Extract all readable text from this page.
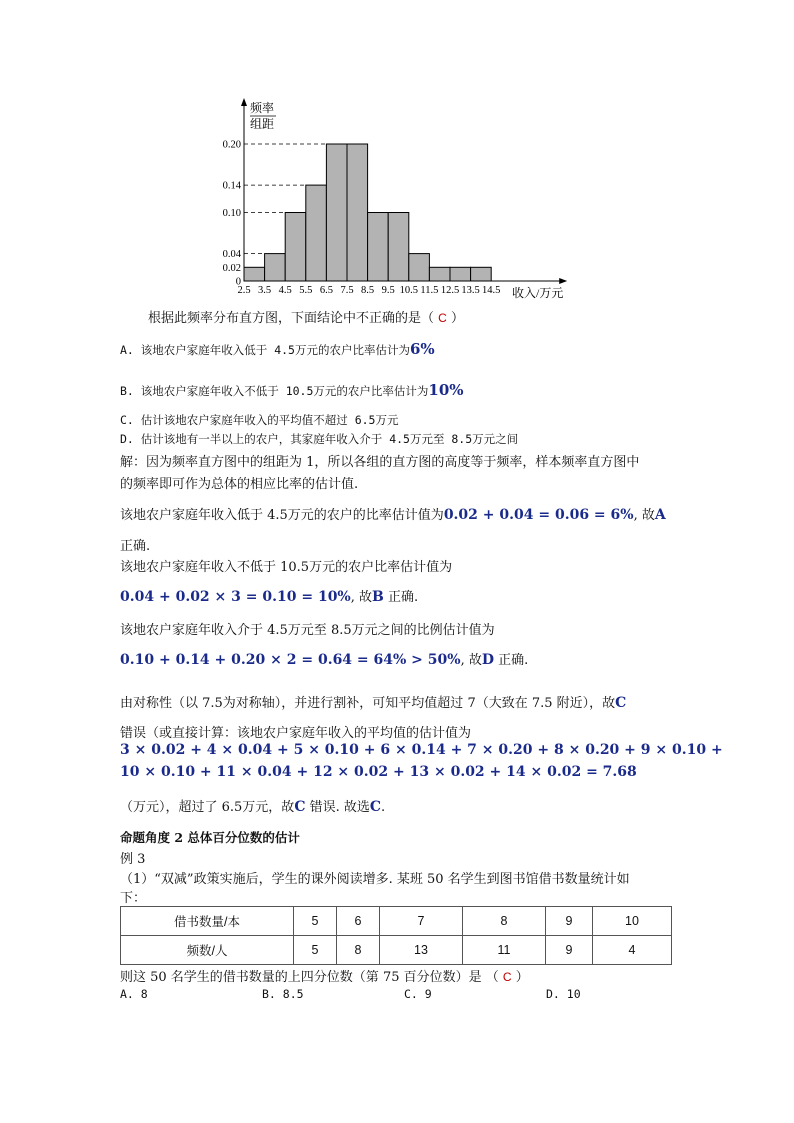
2.5 3.5 4.5 5.5 6.5 7.5 8.5 9.5 10.5 11.5 12.5 13.5 14.5
0
0.02
0.04
0.10
0.14
0.20
频率
组距
收入/万元
根据此频率分布直方图，下面结论中不正确的是（ C ）
A. 该地农户家庭年收入低于 4.5万元的农户比率估计为6%
B. 该地农户家庭年收入不低于 10.5万元的农户比率估计为10%
C. 估计该地农户家庭年收入的平均值不超过 6.5万元
D. 估计该地有一半以上的农户，其家庭年收入介于 4.5万元至 8.5万元之间
解：因为频率直方图中的组距为 1，所以各组的直方图的高度等于频率，样本频率直方图中
的频率即可作为总体的相应比率的估计值.
该地农户家庭年收入低于 4.5万元的农户的比率估计值为0.02 + 0.04 = 0.06 = 6%, 故A
正确.
该地农户家庭年收入不低于 10.5万元的农户比率估计值为
0.04 + 0.02 × 3 = 0.10 = 10%, 故B 正确.
该地农户家庭年收入介于 4.5万元至 8.5万元之间的比例估计值为
0.10 + 0.14 + 0.20 × 2 = 0.64 = 64% > 50%, 故D 正确.
由对称性（以 7.5为对称轴），并进行割补，可知平均值超过 7（大致在 7.5 附近），故C
错误（或直接计算：该地农户家庭年收入的平均值的估计值为
3 × 0.02 + 4 × 0.04 + 5 × 0.10 + 6 × 0.14 + 7 × 0.20 + 8 × 0.20 + 9 × 0.10 +
10 × 0.10 + 11 × 0.04 + 12 × 0.02 + 13 × 0.02 + 14 × 0.02 = 7.68
（万元），超过了 6.5万元，故C 错误. 故选C.
命题角度 2 总体百分位数的估计
例 3
（1）“双减”政策实施后，学生的课外阅读增多. 某班 50 名学生到图书馆借书数量统计如
下：
借书数量/本	5	6	7	8	9	10
频数/人	5	8	13	11	9	4
则这 50 名学生的借书数量的上四分位数（第 75 百分位数）是 （ C ）
A. 8	B. 8.5	C. 9	D. 10
